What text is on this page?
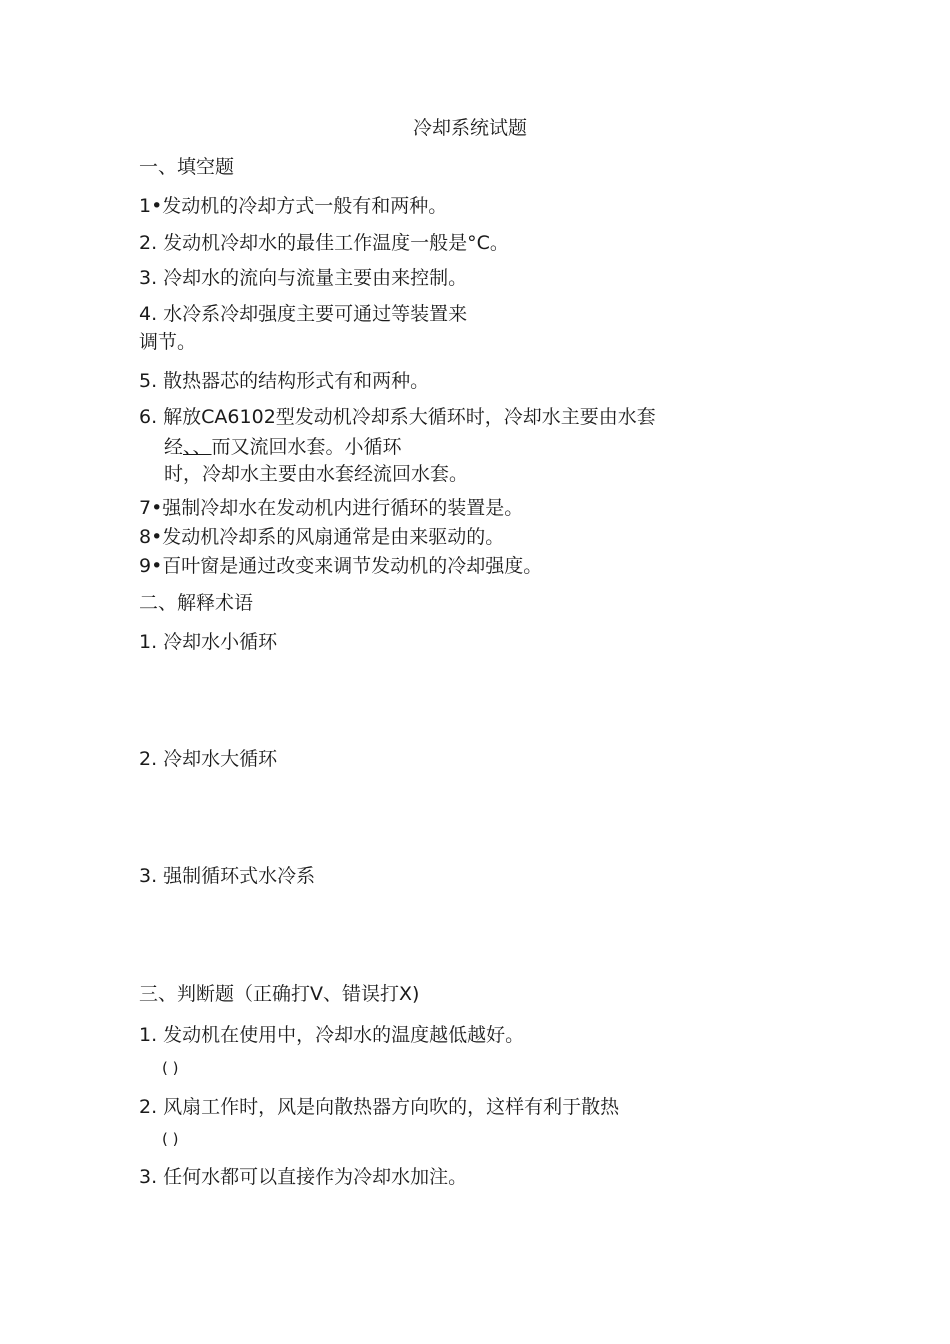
冷却系统试题
一、填空题
1•发动机的冷却方式一般有和两种。
2. 发动机冷却水的最佳工作温度一般是°C。
3. 冷却水的流向与流量主要由来控制。
4. 水冷系冷却强度主要可通过等装置来
调节。
5. 散热器芯的结构形式有和两种。
6. 解放CA6102型发动机冷却系大循环时，冷却水主要由水套
经、、而又流回水套。小循环
时，冷却水主要由水套经流回水套。
7•强制冷却水在发动机内进行循环的装置是。
8•发动机冷却系的风扇通常是由来驱动的。
9•百叶窗是通过改变来调节发动机的冷却强度。
二、解释术语
1. 冷却水小循环
2. 冷却水大循环
3. 强制循环式水冷系
三、判断题（正确打V、错误打X)
1. 发动机在使用中，冷却水的温度越低越好。
( )
2. 风扇工作时，风是向散热器方向吹的，这样有利于散热
( )
3. 任何水都可以直接作为冷却水加注。
